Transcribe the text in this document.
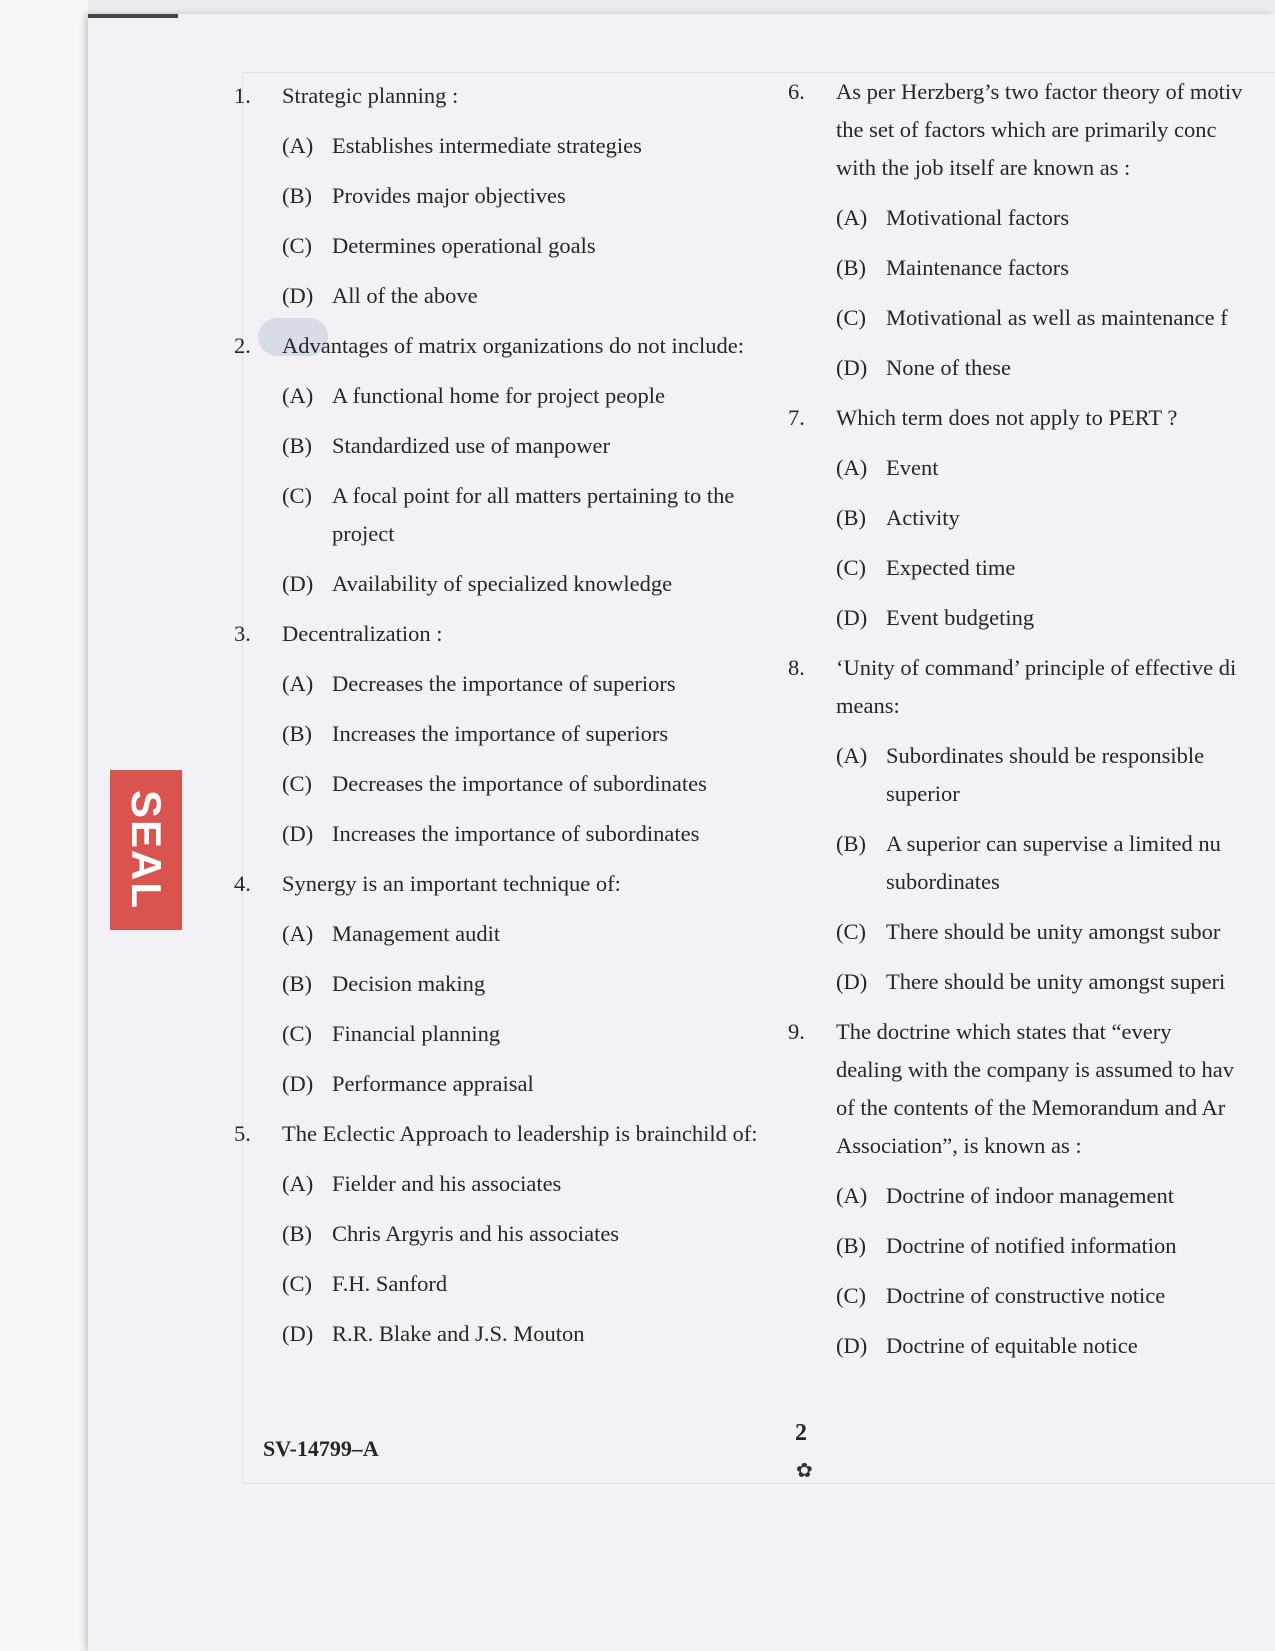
SEAL
1.	Strategic planning :
(A) Establishes intermediate strategies
(B) Provides major objectives
(C) Determines operational goals
(D) All of the above
2.	Advantages of matrix organizations do not include:
(A) A functional home for project people
(B) Standardized use of manpower
(C) A focal point for all matters pertaining to the project
(D) Availability of specialized knowledge
3.	Decentralization :
(A) Decreases the importance of superiors
(B) Increases the importance of superiors
(C) Decreases the importance of subordinates
(D) Increases the importance of subordinates
4.	Synergy is an important technique of:
(A) Management audit
(B) Decision making
(C) Financial planning
(D) Performance appraisal
5.	The Eclectic Approach to leadership is brainchild of:
(A) Fielder and his associates
(B) Chris Argyris and his associates
(C) F.H. Sanford
(D) R.R. Blake and J.S. Mouton
6.	As per Herzberg’s two factor theory of motiv
the set of factors which are primarily conc
with the job itself are known as :
(A) Motivational factors
(B) Maintenance factors
(C) Motivational as well as maintenance f
(D) None of these
7.	Which term does not apply to PERT ?
(A) Event
(B) Activity
(C) Expected time
(D) Event budgeting
8.	‘Unity of command’ principle of effective di
means:
(A) Subordinates should be responsible
superior
(B) A superior can supervise a limited nu
subordinates
(C) There should be unity amongst subor
(D) There should be unity amongst superi
9.	The doctrine which states that “every
dealing with the company is assumed to hav
of the contents of the Memorandum and Ar
Association”, is known as :
(A) Doctrine of indoor management
(B) Doctrine of notified information
(C) Doctrine of constructive notice
(D) Doctrine of equitable notice
SV-14799–A
2
✿
